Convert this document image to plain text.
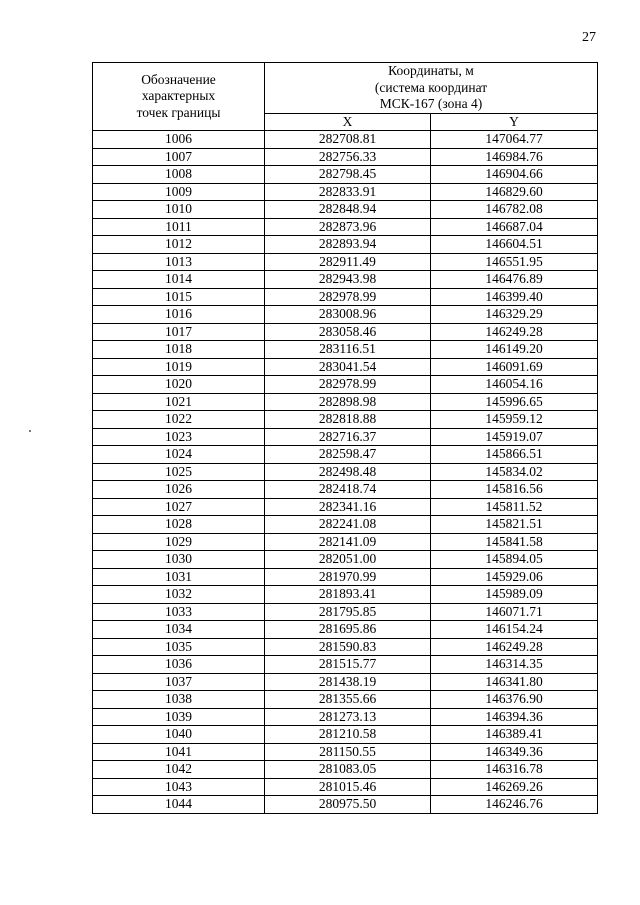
27
Обозначение
характерных
точек границы	Координаты, м
(система координат
МСК-167 (зона 4)	

	X	Y
1006	282708.81	147064.77
1007	282756.33	146984.76
1008	282798.45	146904.66
1009	282833.91	146829.60
1010	282848.94	146782.08
1011	282873.96	146687.04
1012	282893.94	146604.51
1013	282911.49	146551.95
1014	282943.98	146476.89
1015	282978.99	146399.40
1016	283008.96	146329.29
1017	283058.46	146249.28
1018	283116.51	146149.20
1019	283041.54	146091.69
1020	282978.99	146054.16
1021	282898.98	145996.65
1022	282818.88	145959.12
1023	282716.37	145919.07
1024	282598.47	145866.51
1025	282498.48	145834.02
1026	282418.74	145816.56
1027	282341.16	145811.52
1028	282241.08	145821.51
1029	282141.09	145841.58
1030	282051.00	145894.05
1031	281970.99	145929.06
1032	281893.41	145989.09
1033	281795.85	146071.71
1034	281695.86	146154.24
1035	281590.83	146249.28
1036	281515.77	146314.35
1037	281438.19	146341.80
1038	281355.66	146376.90
1039	281273.13	146394.36
1040	281210.58	146389.41
1041	281150.55	146349.36
1042	281083.05	146316.78
1043	281015.46	146269.26
1044	280975.50	146246.76
